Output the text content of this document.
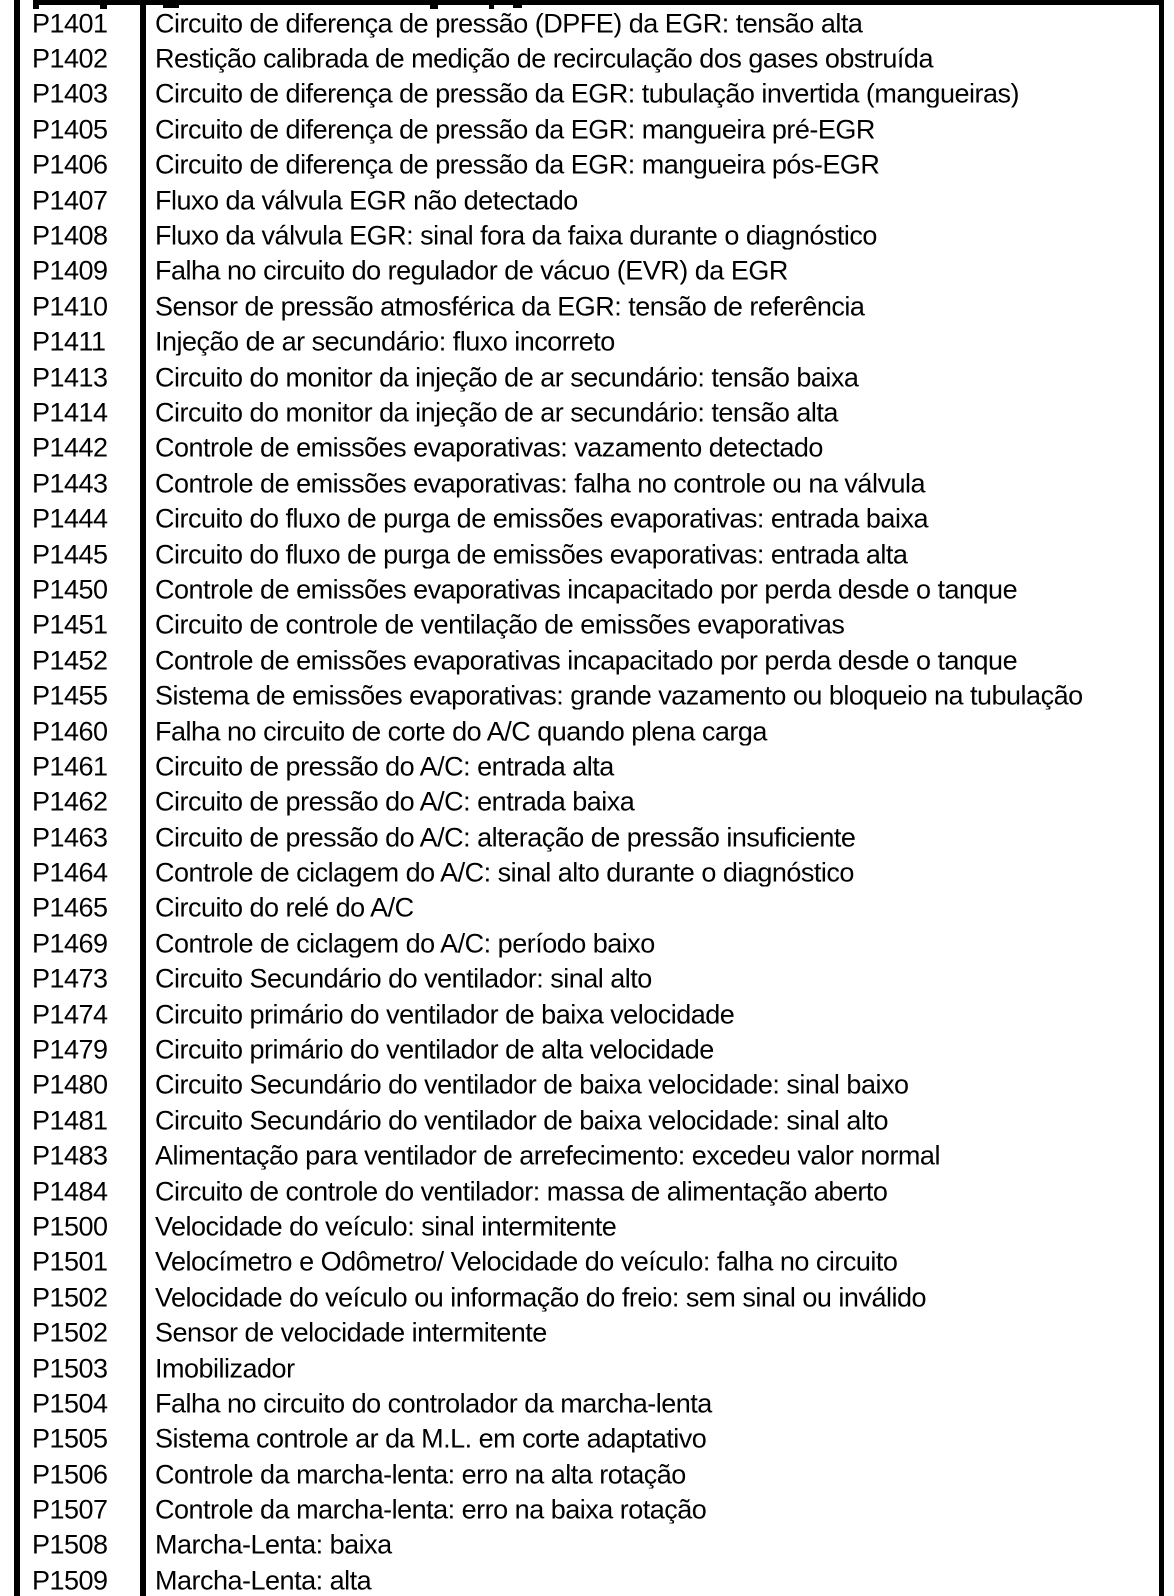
P1401 Circuito de diferença de pressão (DPFE) da EGR: tensão alta
P1402 Restição calibrada de medição de recirculação dos gases obstruída
P1403 Circuito de diferença de pressão da EGR: tubulação invertida (mangueiras)
P1405 Circuito de diferença de pressão da EGR: mangueira pré-EGR
P1406 Circuito de diferença de pressão da EGR: mangueira pós-EGR
P1407 Fluxo da válvula EGR não detectado
P1408 Fluxo da válvula EGR: sinal fora da faixa durante o diagnóstico
P1409 Falha no circuito do regulador de vácuo (EVR) da EGR
P1410 Sensor de pressão atmosférica da EGR: tensão de referência
P1411 Injeção de ar secundário: fluxo incorreto
P1413 Circuito do monitor da injeção de ar secundário: tensão baixa
P1414 Circuito do monitor da injeção de ar secundário: tensão alta
P1442 Controle de emissões evaporativas: vazamento detectado
P1443 Controle de emissões evaporativas: falha no controle ou na válvula
P1444 Circuito do fluxo de purga de emissões evaporativas: entrada baixa
P1445 Circuito do fluxo de purga de emissões evaporativas: entrada alta
P1450 Controle de emissões evaporativas incapacitado por perda desde o tanque
P1451 Circuito de controle de ventilação de emissões evaporativas
P1452 Controle de emissões evaporativas incapacitado por perda desde o tanque
P1455 Sistema de emissões evaporativas: grande vazamento ou bloqueio na tubulação
P1460 Falha no circuito de corte do A/C quando plena carga
P1461 Circuito de pressão do A/C: entrada alta
P1462 Circuito de pressão do A/C: entrada baixa
P1463 Circuito de pressão do A/C: alteração de pressão insuficiente
P1464 Controle de ciclagem do A/C: sinal alto durante o diagnóstico
P1465 Circuito do relé do A/C
P1469 Controle de ciclagem do A/C: período baixo
P1473 Circuito Secundário do ventilador: sinal alto
P1474 Circuito primário do ventilador de baixa velocidade
P1479 Circuito primário do ventilador de alta velocidade
P1480 Circuito Secundário do ventilador de baixa velocidade: sinal baixo
P1481 Circuito Secundário do ventilador de baixa velocidade: sinal alto
P1483 Alimentação para ventilador de arrefecimento: excedeu valor normal
P1484 Circuito de controle do ventilador: massa de alimentação aberto
P1500 Velocidade do veículo: sinal intermitente
P1501 Velocímetro e Odômetro/ Velocidade do veículo: falha no circuito
P1502 Velocidade do veículo ou informação do freio: sem sinal ou inválido
P1502 Sensor de velocidade intermitente
P1503 Imobilizador
P1504 Falha no circuito do controlador da marcha-lenta
P1505 Sistema controle ar da M.L. em corte adaptativo
P1506 Controle da marcha-lenta: erro na alta rotação
P1507 Controle da marcha-lenta: erro na baixa rotação
P1508 Marcha-Lenta: baixa
P1509 Marcha-Lenta: alta
